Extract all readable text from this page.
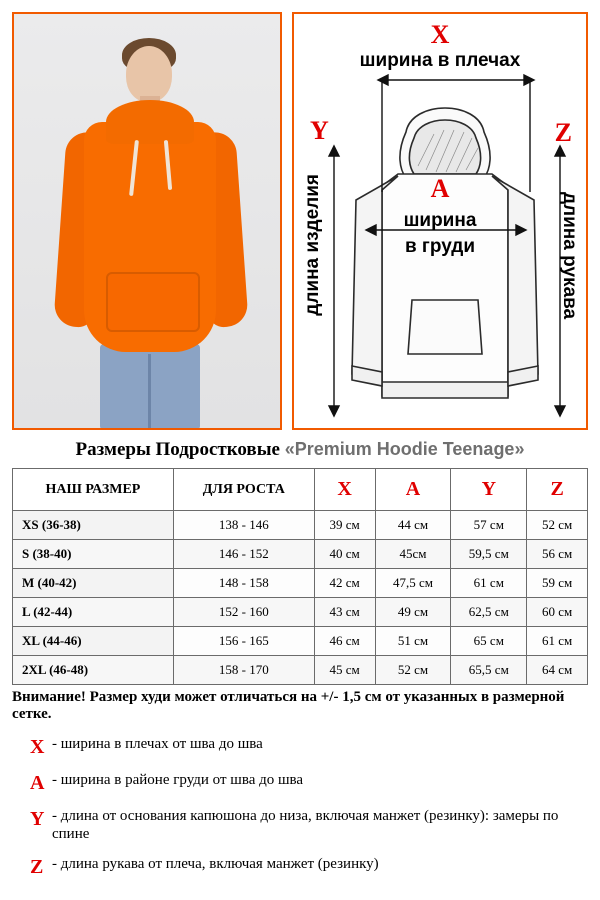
X
ширина в плечах
Y	Z
длина изделия	длина рукава
A
ширина
в груди
Размеры Подростковые «Premium Hoodie Teenage»
НАШ РАЗМЕР	ДЛЯ РОСТА	X	A	Y	Z
XS (36-38)	138 - 146	39 см	44 см	57 см	52 см
S (38-40)	146 - 152	40 см	45см	59,5 см	56 см
M (40-42)	148 - 158	42 см	47,5 см	61 см	59 см
L (42-44)	152 - 160	43 см	49 см	62,5 см	60 см
XL (44-46)	156 - 165	46 см	51 см	65 см	61 см
2XL (46-48)	158 - 170	45 см	52 см	65,5 см	64 см
Внимание! Размер худи может отличаться на +/- 1,5 см от указанных в размерной сетке.
X - ширина в плечах от шва до шва
A - ширина в районе груди от шва до шва
Y - длина от основания капюшона до низа, включая манжет (резинку): замеры по спине
Z - длина рукава от плеча, включая манжет (резинку)
